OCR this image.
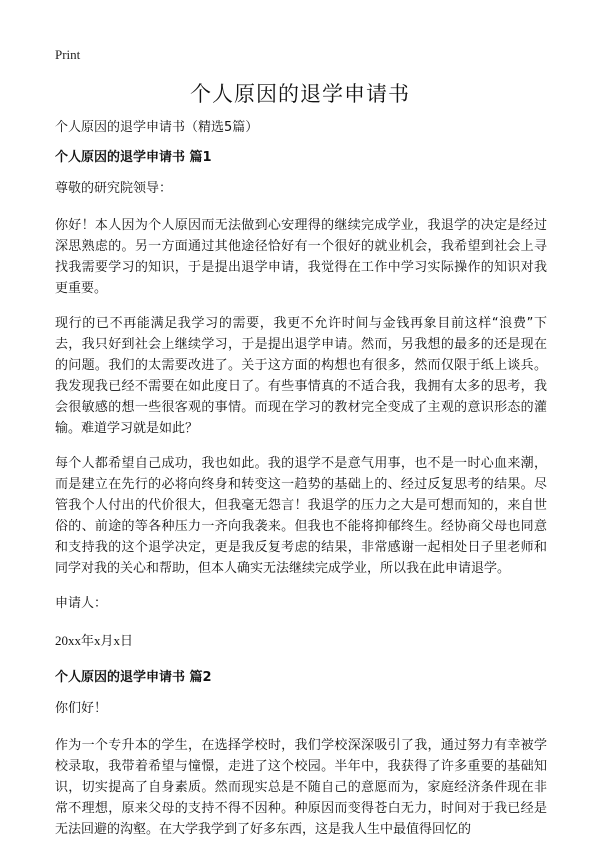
Print
个人原因的退学申请书

个人原因的退学申请书（精选5篇）

个人原因的退学申请书 篇1

尊敬的研究院领导：

你好！本人因为个人原因而无法做到心安理得的继续完成学业，我退学的决定是经过深思熟虑的。另一方面通过其他途径恰好有一个很好的就业机会，我希望到社会上寻找我需要学习的知识，于是提出退学申请，我觉得在工作中学习实际操作的知识对我更重要。

现行的已不再能满足我学习的需要，我更不允许时间与金钱再象目前这样“浪费”下去，我只好到社会上继续学习，于是提出退学申请。然而，另我想的最多的还是现在的问题。我们的太需要改进了。关于这方面的构想也有很多，然而仅限于纸上谈兵。我发现我已经不需要在如此度日了。有些事情真的不适合我，我拥有太多的思考，我会很敏感的想一些很客观的事情。而现在学习的教材完全变成了主观的意识形态的灌输。难道学习就是如此？

每个人都希望自己成功，我也如此。我的退学不是意气用事，也不是一时心血来潮，而是建立在先行的必将向终身和转变这一趋势的基础上的、经过反复思考的结果。尽管我个人付出的代价很大，但我毫无怨言！我退学的压力之大是可想而知的，来自世俗的、前途的等各种压力一齐向我袭来。但我也不能将抑郁终生。经协商父母也同意和支持我的这个退学决定，更是我反复考虑的结果，非常感谢一起相处日子里老师和同学对我的关心和帮助，但本人确实无法继续完成学业，所以我在此申请退学。

申请人：

20xx年x月x日

个人原因的退学申请书 篇2

你们好！

作为一个专升本的学生，在选择学校时，我们学校深深吸引了我，通过努力有幸被学校录取，我带着希望与憧憬，走进了这个校园。半年中，我获得了许多重要的基础知识，切实提高了自身素质。然而现实总是不随自己的意愿而为，家庭经济条件现在非常不理想，原来父母的支持不得不因种。种原因而变得苍白无力，时间对于我已经是无法回避的沟壑。在大学我学到了好多东西，这是我人生中最值得回忆的
